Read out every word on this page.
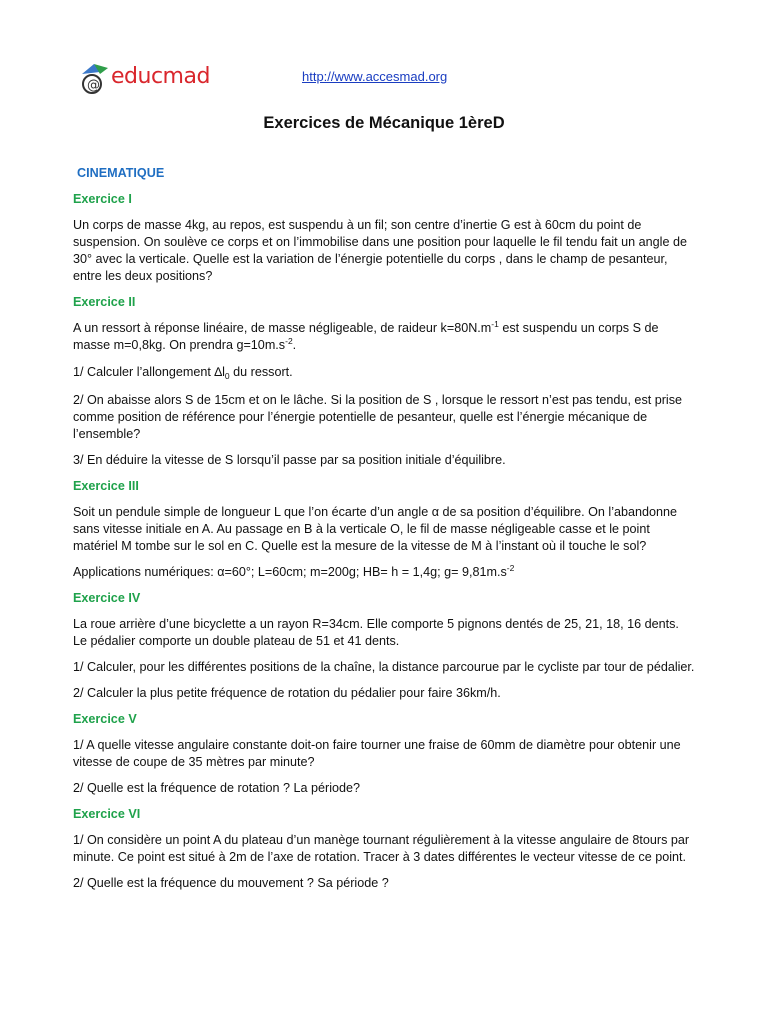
@ educmad	http://www.accesmad.org
Exercices de Mécanique 1èreD
CINEMATIQUE
Exercice I
Un corps de masse 4kg, au repos, est suspendu à un fil; son centre d’inertie G est à 60cm du point de suspension. On soulève ce corps et on l’immobilise dans une position pour laquelle le fil tendu fait un angle de 30° avec la verticale. Quelle est la variation de l’énergie potentielle du corps , dans le champ de pesanteur, entre les deux positions?
Exercice II
A un ressort à réponse linéaire, de masse négligeable, de raideur $k=80N.m^{-1}$ est suspendu un corps S de masse m=0,8kg. On prendra $g=10m.s^{-2}$.
1/ Calculer l’allongement $\Delta l_0$ du ressort.
2/ On abaisse alors S de 15cm et on le lâche. Si la position de S , lorsque le ressort n’est pas tendu, est prise comme position de référence pour l’énergie potentielle de pesanteur, quelle est l’énergie mécanique de l’ensemble?
3/ En déduire la vitesse de S lorsqu’il passe par sa position initiale d’équilibre.
Exercice III
Soit un pendule simple de longueur L que l’on écarte d’un angle α de sa position d’équilibre. On l’abandonne sans vitesse initiale en A. Au passage en B à la verticale O, le fil de masse négligeable casse et le point matériel M tombe sur le sol en C. Quelle est la mesure de la vitesse de M à l’instant où il touche le sol?
Applications numériques: α=60°; L=60cm; m=200g; HB= h = 1,4g; $g= 9,81m.s^{-2}$
Exercice IV
La roue arrière d’une bicyclette a un rayon R=34cm. Elle comporte 5 pignons dentés de 25, 21, 18, 16 dents. Le pédalier comporte un double plateau de 51 et 41 dents.
1/ Calculer, pour les différentes positions de la chaîne, la distance parcourue par le cycliste par tour de pédalier.
2/ Calculer la plus petite fréquence de rotation du pédalier pour faire 36km/h.
Exercice V
1/ A quelle vitesse angulaire constante doit-on faire tourner une fraise de 60mm de diamètre pour obtenir une vitesse de coupe de 35 mètres par minute?
2/ Quelle est la fréquence de rotation ? La période?
Exercice VI
1/ On considère un point A du plateau d’un manège tournant régulièrement à la vitesse angulaire de 8tours par minute. Ce point est situé à 2m de l’axe de rotation. Tracer à 3 dates différentes le vecteur vitesse de ce point.
2/ Quelle est la fréquence du mouvement ? Sa période ?
